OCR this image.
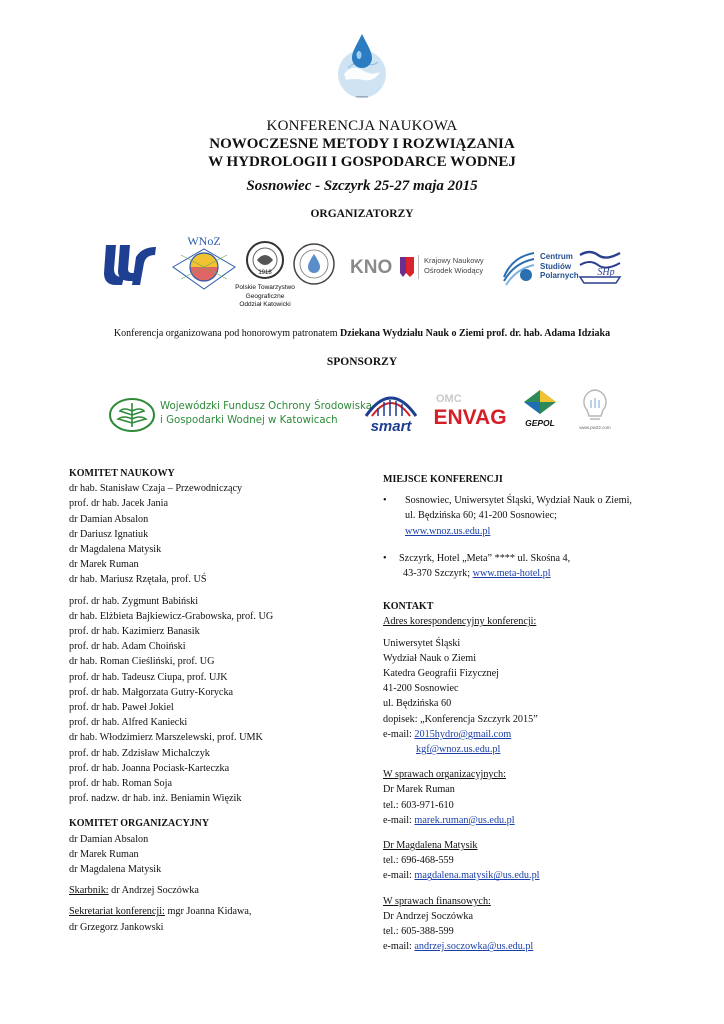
KONFERENCJA NAUKOWA
NOWOCZESNE METODY I ROZWIĄZANIA
W HYDROLOGII I GOSPODARCE WODNEJ
Sosnowiec - Szczyrk 25-27 maja 2015
ORGANIZATORZY
WNoZ
1918
Polskie Towarzystwo
Geograficzne
Oddział Katowicki
KNO	Krajowy Naukowy
Ośrodek Wiodący
Centrum
Studiów
Polarnych SHp
Konferencja organizowana pod honorowym patronatem Dziekana Wydziału Nauk o Ziemi prof. dr. hab. Adama Idziaka
SPONSORZY
Wojewódzki Fundusz Ochrony Środowiska
i Gospodarki Wodnej w Katowicach	smart
OMC
ENVAG GEPOL	www.pw22.com
KOMITET NAUKOWY
dr hab. Stanisław Czaja – Przewodniczący
prof. dr hab. Jacek Jania
dr Damian Absalon
dr Dariusz Ignatiuk
dr Magdalena Matysik
dr Marek Ruman
dr hab. Mariusz Rzętała, prof. UŚ
prof. dr hab. Zygmunt Babiński
dr hab. Elżbieta Bajkiewicz-Grabowska, prof. UG
prof. dr hab. Kazimierz Banasik
prof. dr hab. Adam Choiński
dr hab. Roman Cieśliński, prof. UG
prof. dr hab. Tadeusz Ciupa, prof. UJK
prof. dr hab. Małgorzata Gutry-Korycka
prof. dr hab. Paweł Jokiel
prof. dr hab. Alfred Kaniecki
dr hab. Włodzimierz Marszelewski, prof. UMK
prof. dr hab. Zdzisław Michalczyk
prof. dr hab. Joanna Pociask-Karteczka
prof. dr hab. Roman Soja
prof. nadzw. dr hab. inż. Beniamin Więzik
KOMITET ORGANIZACYJNY
dr Damian Absalon
dr Marek Ruman
dr Magdalena Matysik
Skarbnik: dr Andrzej Soczówka
Sekretariat konferencji: mgr Joanna Kidawa,
dr Grzegorz Jankowski
MIEJSCE KONFERENCJI
• Sosnowiec, Uniwersytet Śląski, Wydział Nauk o Ziemi,
ul. Będzińska 60; 41-200 Sosnowiec;
www.wnoz.us.edu.pl
• Szczyrk, Hotel „Meta” **** ul. Skośna 4,
43-370 Szczyrk; www.meta-hotel.pl
KONTAKT
Adres korespondencyjny konferencji:
Uniwersytet Śląski
Wydział Nauk o Ziemi
Katedra Geografii Fizycznej
41-200 Sosnowiec
ul. Będzińska 60
dopisek: „Konferencja Szczyrk 2015”
e-mail: 2015hydro@gmail.com
kgf@wnoz.us.edu.pl
W sprawach organizacyjnych:
Dr Marek Ruman
tel.: 603-971-610
e-mail: marek.ruman@us.edu.pl
Dr Magdalena Matysik
tel.: 696-468-559
e-mail: magdalena.matysik@us.edu.pl
W sprawach finansowych:
Dr Andrzej Soczówka
tel.: 605-388-599
e-mail: andrzej.soczowka@us.edu.pl
